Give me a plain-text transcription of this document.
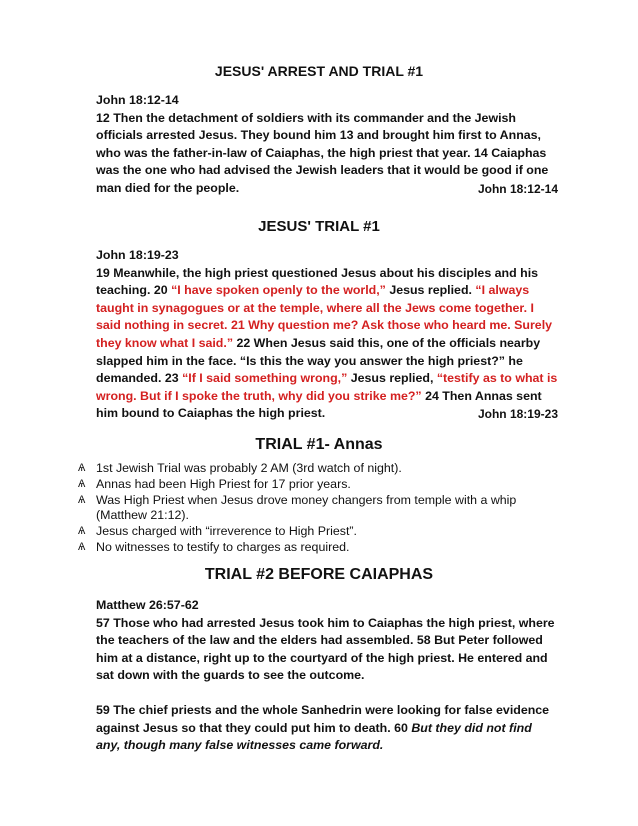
JESUS' ARREST AND TRIAL #1
John 18:12-14
12 Then the detachment of soldiers with its commander and the Jewish officials arrested Jesus. They bound him 13 and brought him first to Annas, who was the father-in-law of Caiaphas, the high priest that year. 14 Caiaphas was the one who had advised the Jewish leaders that it would be good if one man died for the people.	John 18:12-14
JESUS' TRIAL #1
John 18:19-23
19 Meanwhile, the high priest questioned Jesus about his disciples and his teaching. 20 “I have spoken openly to the world,” Jesus replied. “I always taught in synagogues or at the temple, where all the Jews come together. I said nothing in secret. 21 Why question me? Ask those who heard me. Surely they know what I said.” 22 When Jesus said this, one of the officials nearby slapped him in the face. “Is this the way you answer the high priest?” he demanded. 23 “If I said something wrong,” Jesus replied, “testify as to what is wrong. But if I spoke the truth, why did you strike me?” 24 Then Annas sent him bound to Caiaphas the high priest.	John 18:19-23
TRIAL #1- Annas
Ѧ 1st Jewish Trial was probably 2 AM (3rd watch of night).
Ѧ Annas had been High Priest for 17 prior years.
Ѧ Was High Priest when Jesus drove money changers from temple with a whip (Matthew 21:12).
Ѧ Jesus charged with “irreverence to High Priest”.
Ѧ No witnesses to testify to charges as required.
TRIAL #2 BEFORE CAIAPHAS
Matthew 26:57-62
57 Those who had arrested Jesus took him to Caiaphas the high priest, where the teachers of the law and the elders had assembled. 58 But Peter followed him at a distance, right up to the courtyard of the high priest. He entered and sat down with the guards to see the outcome.
59 The chief priests and the whole Sanhedrin were looking for false evidence against Jesus so that they could put him to death. 60 But they did not find any, though many false witnesses came forward.
